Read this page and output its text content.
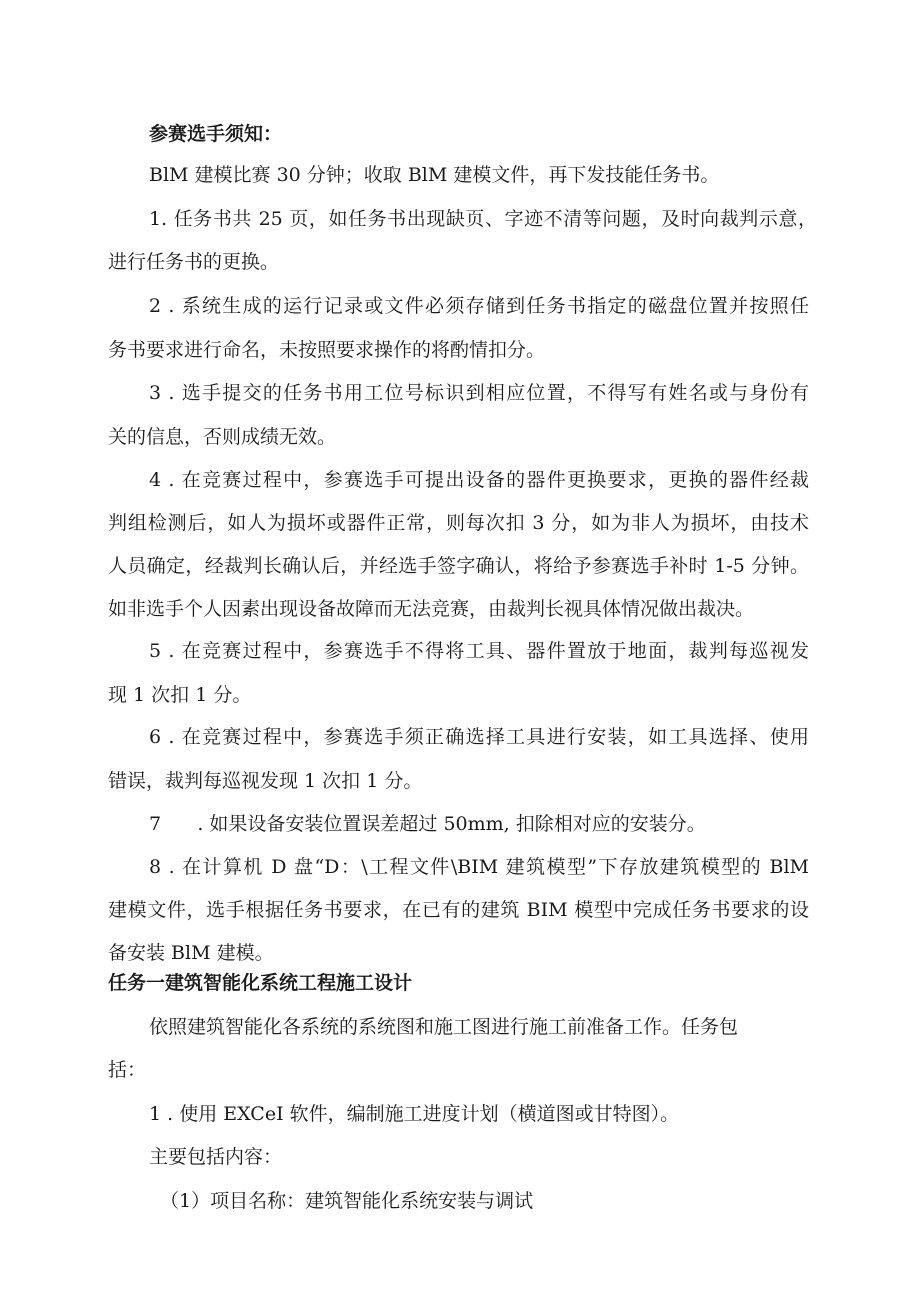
参赛选手须知：
BlM 建模比赛 30 分钟；收取 BlM 建模文件，再下发技能任务书。
1. 任务书共 25 页，如任务书出现缺页、字迹不清等问题，及时向裁判示意，
进行任务书的更换。
2 . 系统生成的运行记录或文件必须存储到任务书指定的磁盘位置并按照任
务书要求进行命名，未按照要求操作的将酌情扣分。
3 . 选手提交的任务书用工位号标识到相应位置，不得写有姓名或与身份有
关的信息，否则成绩无效。
4 . 在竞赛过程中，参赛选手可提出设备的器件更换要求，更换的器件经裁
判组检测后，如人为损坏或器件正常，则每次扣 3 分，如为非人为损坏，由技术
人员确定，经裁判长确认后，并经选手签字确认，将给予参赛选手补时 1-5 分钟。
如非选手个人因素出现设备故障而无法竞赛，由裁判长视具体情况做出裁决。
5 . 在竞赛过程中，参赛选手不得将工具、器件置放于地面，裁判每巡视发
现 1 次扣 1 分。
6 . 在竞赛过程中，参赛选手须正确选择工具进行安装，如工具选择、使用
错误，裁判每巡视发现 1 次扣 1 分。
7      . 如果设备安装位置误差超过 50mm, 扣除相对应的安装分。
8 . 在计算机 D 盘“D：\工程文件\BIM 建筑模型”下存放建筑模型的 BlM
建模文件，选手根据任务书要求，在已有的建筑 BIM 模型中完成任务书要求的设
备安装 BlM 建模。
任务一建筑智能化系统工程施工设计
依照建筑智能化各系统的系统图和施工图进行施工前准备工作。任务包
括：
1 . 使用 EXCeI 软件，编制施工进度计划（横道图或甘特图）。
主要包括内容：
（1）项目名称：建筑智能化系统安装与调试
